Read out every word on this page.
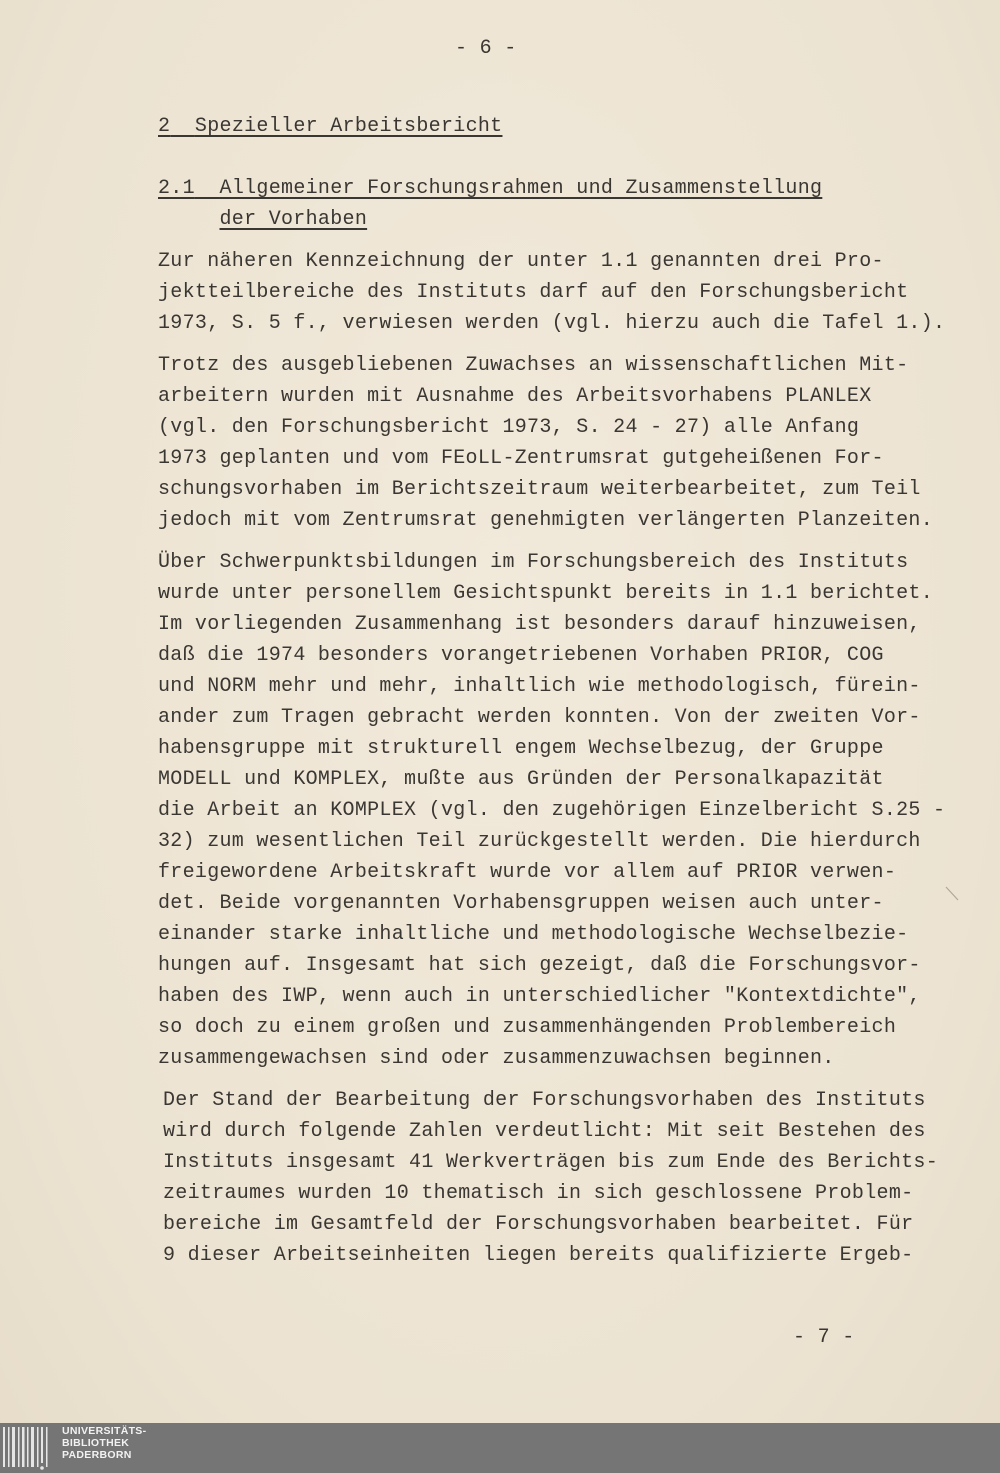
- 6 -
2 Spezieller Arbeitsbericht
2.1 Allgemeiner Forschungsrahmen und Zusammenstellung
der Vorhaben
Zur näheren Kennzeichnung der unter 1.1 genannten drei Pro-
jektteilbereiche des Instituts darf auf den Forschungsbericht
1973, S. 5 f., verwiesen werden (vgl. hierzu auch die Tafel 1.).
Trotz des ausgebliebenen Zuwachses an wissenschaftlichen Mit-
arbeitern wurden mit Ausnahme des Arbeitsvorhabens PLANLEX
(vgl. den Forschungsbericht 1973, S. 24 - 27) alle Anfang
1973 geplanten und vom FEoLL-Zentrumsrat gutgeheißenen For-
schungsvorhaben im Berichtszeitraum weiterbearbeitet, zum Teil
jedoch mit vom Zentrumsrat genehmigten verlängerten Planzeiten.
Über Schwerpunktsbildungen im Forschungsbereich des Instituts
wurde unter personellem Gesichtspunkt bereits in 1.1 berichtet.
Im vorliegenden Zusammenhang ist besonders darauf hinzuweisen,
daß die 1974 besonders vorangetriebenen Vorhaben PRIOR, COG
und NORM mehr und mehr, inhaltlich wie methodologisch, fürein-
ander zum Tragen gebracht werden konnten. Von der zweiten Vor-
habensgruppe mit strukturell engem Wechselbezug, der Gruppe
MODELL und KOMPLEX, mußte aus Gründen der Personalkapazität
die Arbeit an KOMPLEX (vgl. den zugehörigen Einzelbericht S.25 -
32) zum wesentlichen Teil zurückgestellt werden. Die hierdurch
freigewordene Arbeitskraft wurde vor allem auf PRIOR verwen-
det. Beide vorgenannten Vorhabensgruppen weisen auch unter-
einander starke inhaltliche und methodologische Wechselbezie-
hungen auf. Insgesamt hat sich gezeigt, daß die Forschungsvor-
haben des IWP, wenn auch in unterschiedlicher "Kontextdichte",
so doch zu einem großen und zusammenhängenden Problembereich
zusammengewachsen sind oder zusammenzuwachsen beginnen.
Der Stand der Bearbeitung der Forschungsvorhaben des Instituts
wird durch folgende Zahlen verdeutlicht: Mit seit Bestehen des
Instituts insgesamt 41 Werkverträgen bis zum Ende des Berichts-
zeitraumes wurden 10 thematisch in sich geschlossene Problem-
bereiche im Gesamtfeld der Forschungsvorhaben bearbeitet. Für
9 dieser Arbeitseinheiten liegen bereits qualifizierte Ergeb-
- 7 -
UNIVERSITÄTS-
BIBLIOTHEK
PADERBORN
